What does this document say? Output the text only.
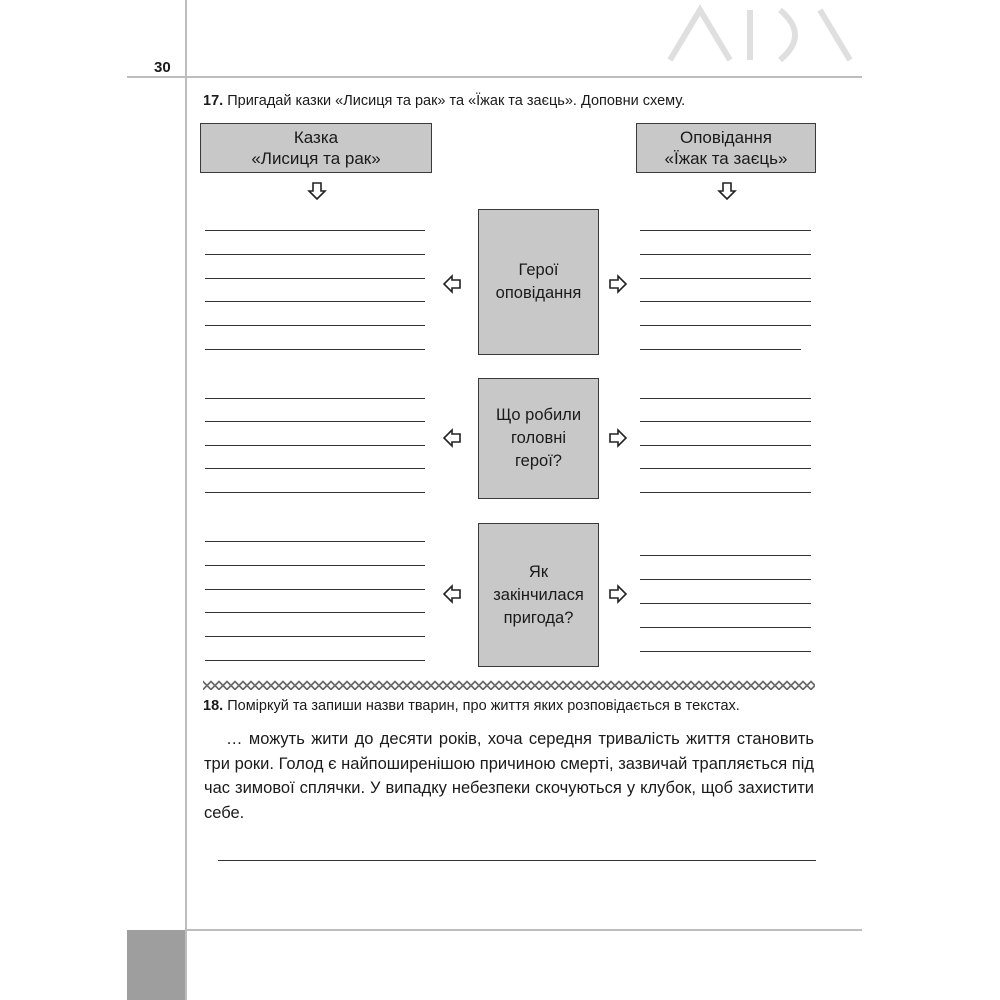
30
17. Пригадай казки «Лисиця та рак» та «Їжак та заєць». Доповни схему.
Казка
«Лисиця та рак»
Оповідання
«Їжак та заєць»
Герої
оповідання
Що робили
головні
герої?
Як
закінчилася
пригода?
18. Поміркуй та запиши назви тварин, про життя яких розповідається в текстах.

… можуть жити до десяти років, хоча середня тривалість життя становить три роки. Голод є найпоширенішою причиною смерті, зазвичай трапляється під час зимової сплячки. У випадку небезпеки скочуються у клубок, щоб захистити себе.
